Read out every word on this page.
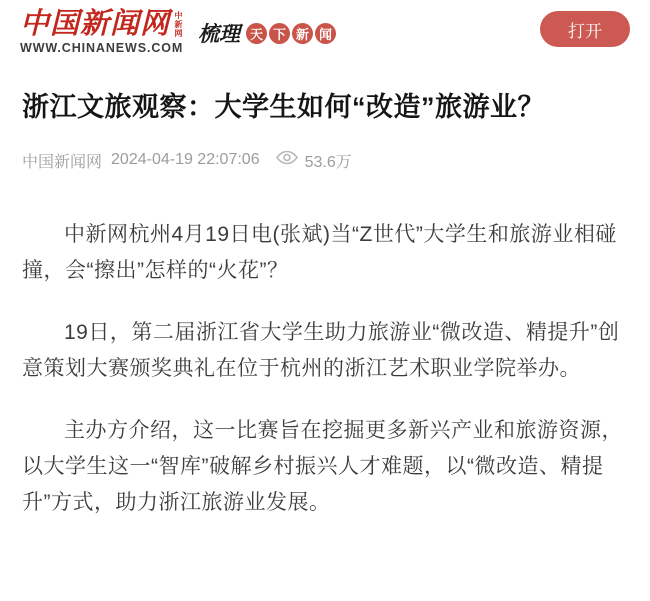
中国新闻网 中新网
WWW.CHINANEWS.COM
梳理 天 下 新 闻	打开
浙江文旅观察：大学生如何“改造”旅游业？
中国新闻网 2024-04-19 22:07:06	53.6万

中新网杭州4月19日电(张斌)当“Z世代”大学生和旅游业相碰撞，会“擦出”怎样的“火花”？

19日，第二届浙江省大学生助力旅游业“微改造、精提升”创意策划大赛颁奖典礼在位于杭州的浙江艺术职业学院举办。

主办方介绍，这一比赛旨在挖掘更多新兴产业和旅游资源，以大学生这一“智库”破解乡村振兴人才难题，以“微改造、精提升”方式，助力浙江旅游业发展。
